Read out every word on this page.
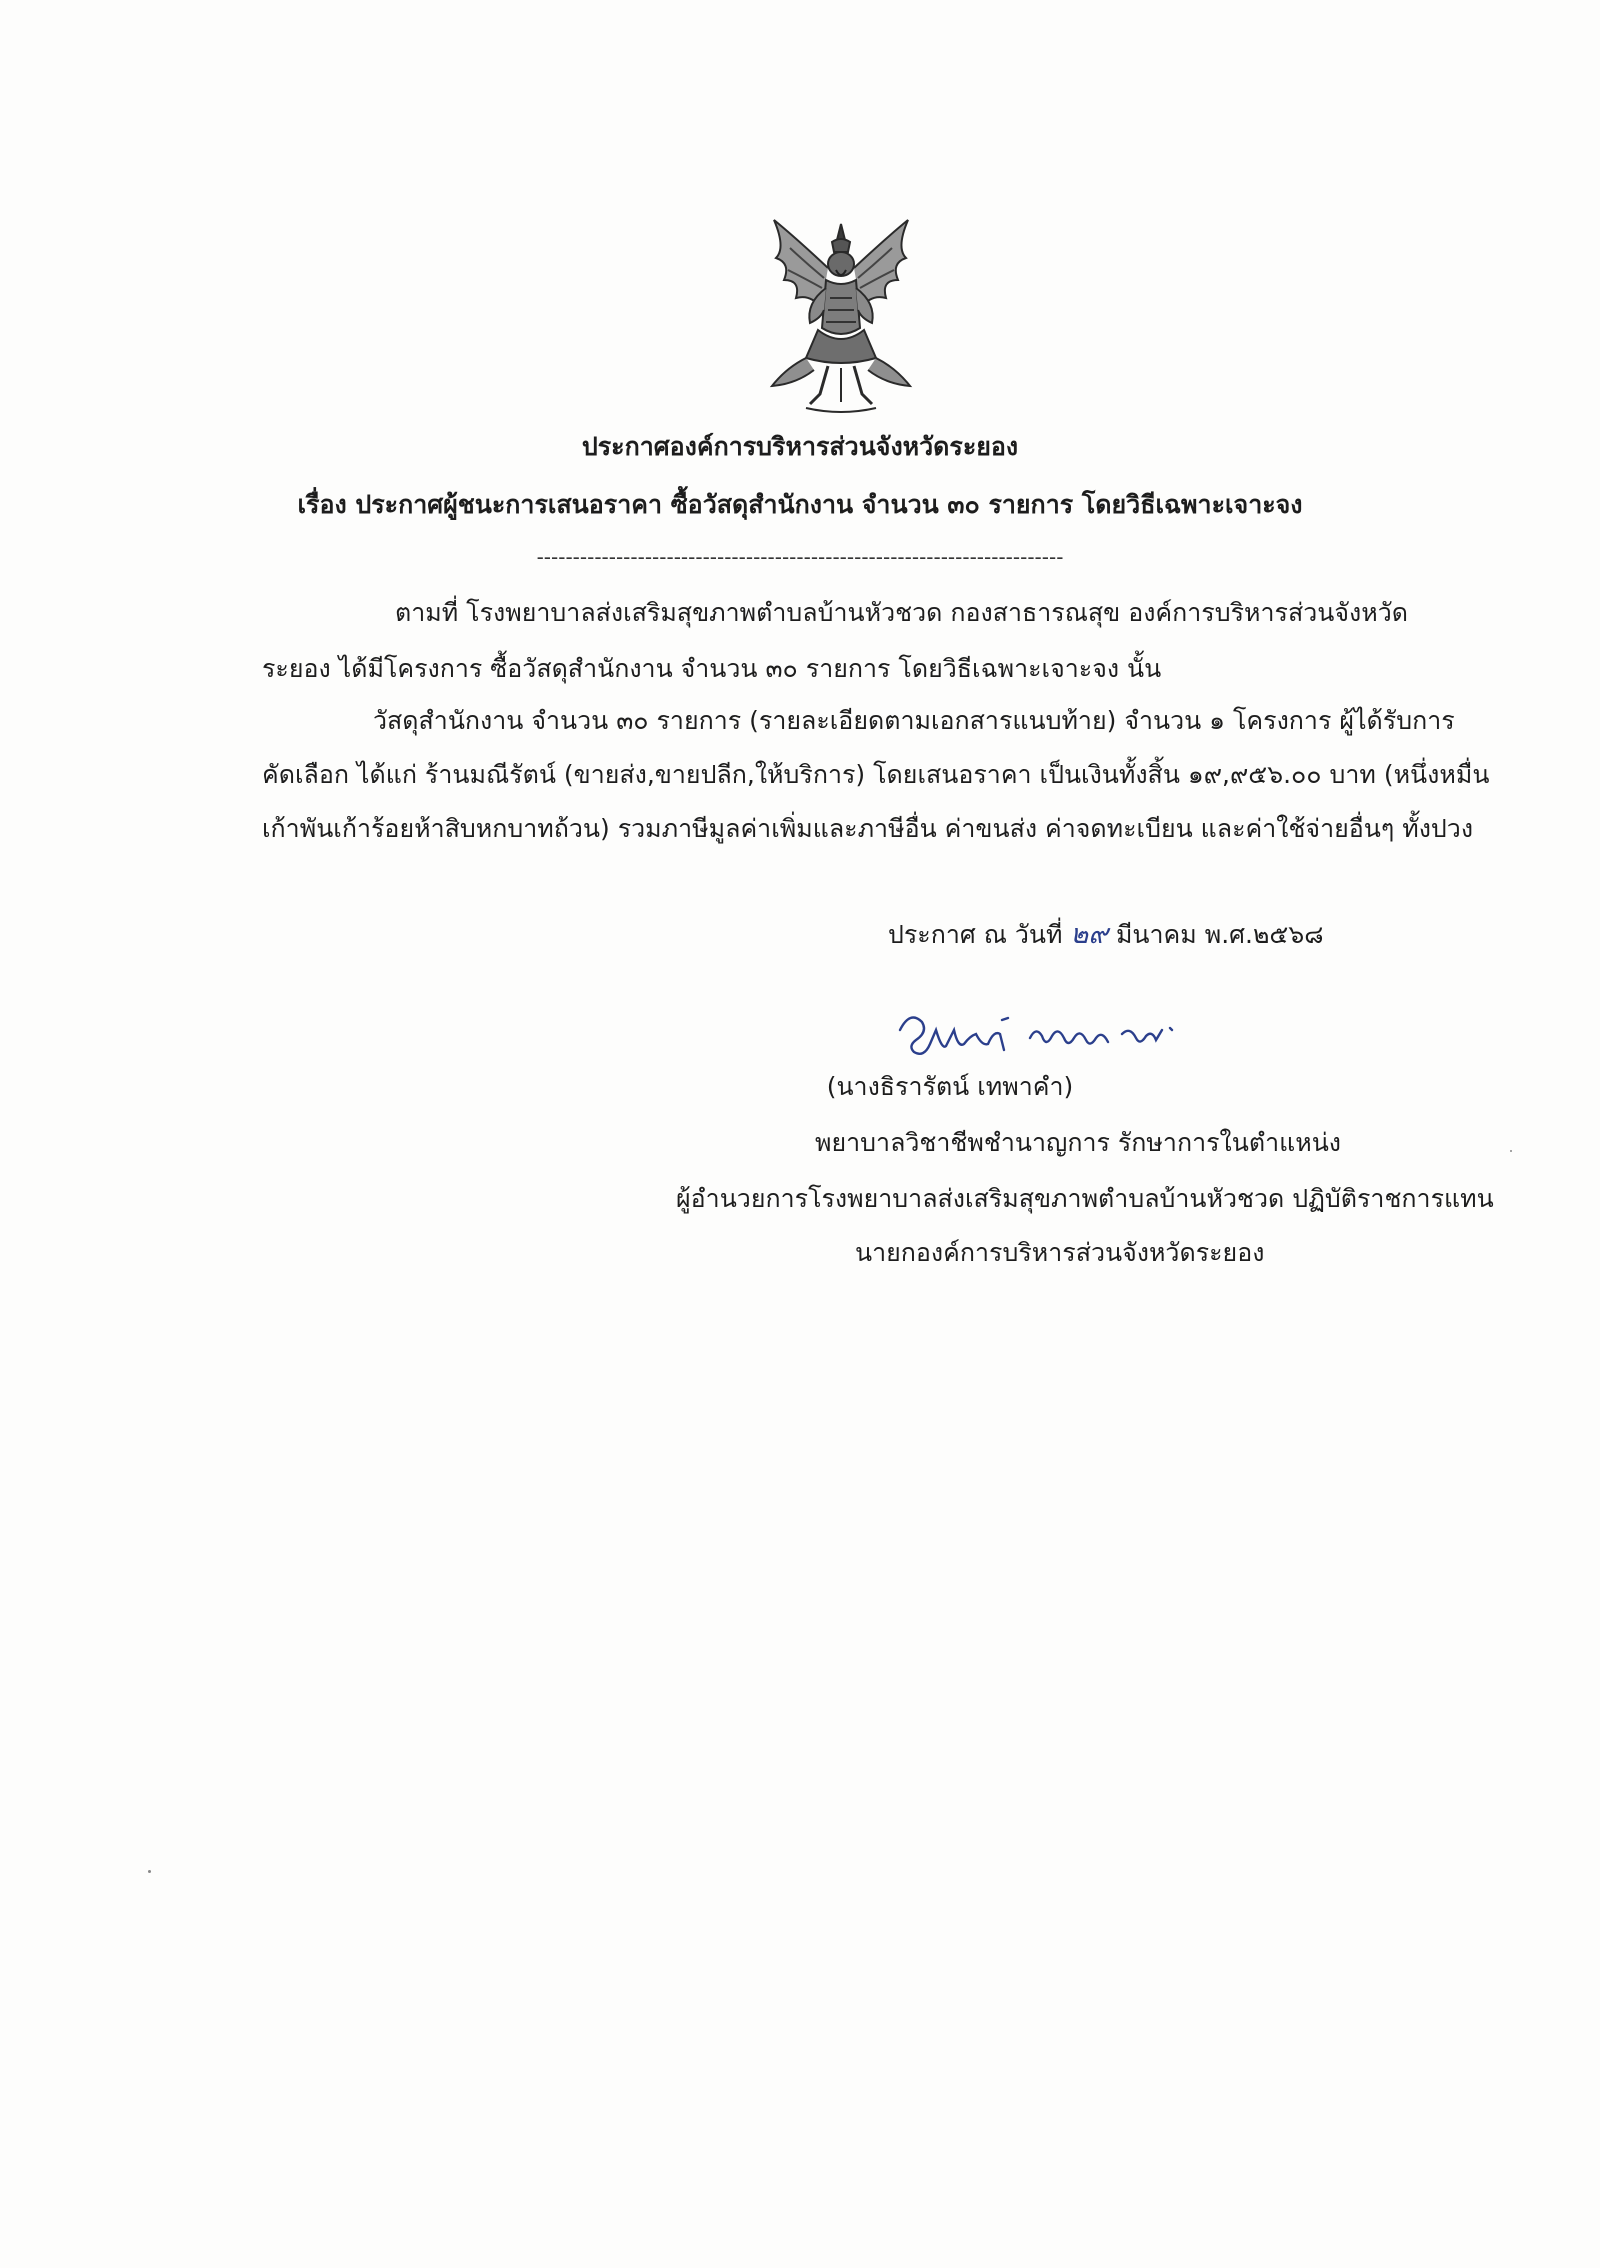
ประกาศองค์การบริหารส่วนจังหวัดระยอง
เรื่อง ประกาศผู้ชนะการเสนอราคา ซื้อวัสดุสำนักงาน จำนวน ๓๐ รายการ โดยวิธีเฉพาะเจาะจง
-------------------------------------------------------------------------
ตามที่ โรงพยาบาลส่งเสริมสุขภาพตำบลบ้านหัวชวด กองสาธารณสุข องค์การบริหารส่วนจังหวัด
ระยอง ได้มีโครงการ ซื้อวัสดุสำนักงาน จำนวน ๓๐ รายการ โดยวิธีเฉพาะเจาะจง นั้น
วัสดุสำนักงาน จำนวน ๓๐ รายการ (รายละเอียดตามเอกสารแนบท้าย) จำนวน ๑ โครงการ ผู้ได้รับการ
คัดเลือก ได้แก่ ร้านมณีรัตน์ (ขายส่ง,ขายปลีก,ให้บริการ) โดยเสนอราคา เป็นเงินทั้งสิ้น ๑๙,๙๕๖.๐๐ บาท (หนึ่งหมื่น
เก้าพันเก้าร้อยห้าสิบหกบาทถ้วน) รวมภาษีมูลค่าเพิ่มและภาษีอื่น ค่าขนส่ง ค่าจดทะเบียน และค่าใช้จ่ายอื่นๆ ทั้งปวง
ประกาศ ณ วันที่ ๒๙ มีนาคม พ.ศ.๒๕๖๘
(นางธิรารัตน์ เทพาคำ)
พยาบาลวิชาชีพชำนาญการ รักษาการในตำแหน่ง
ผู้อำนวยการโรงพยาบาลส่งเสริมสุขภาพตำบลบ้านหัวชวด ปฏิบัติราชการแทน
นายกองค์การบริหารส่วนจังหวัดระยอง
